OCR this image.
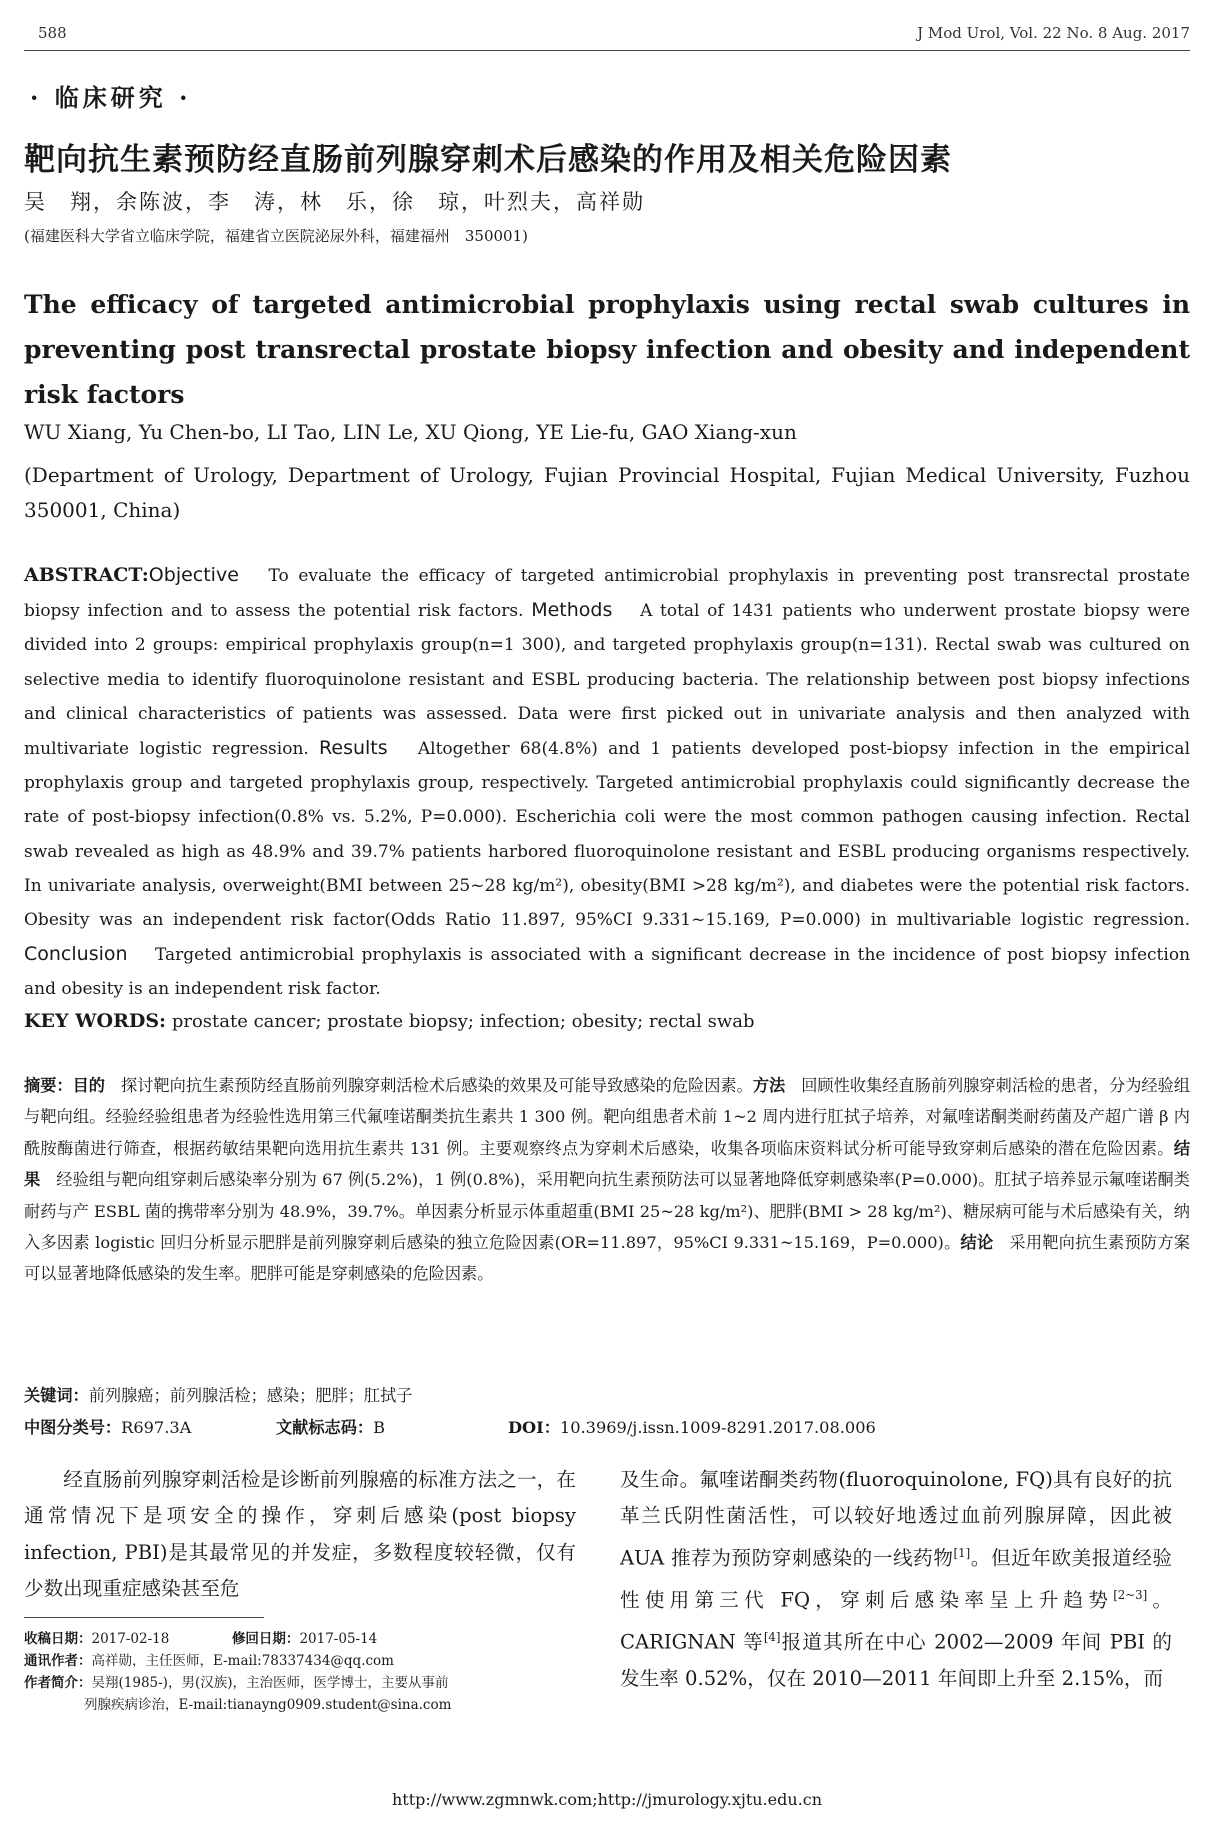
588	J Mod Urol, Vol. 22 No. 8 Aug. 2017
· 临床研究 ·
靶向抗生素预防经直肠前列腺穿刺术后感染的作用及相关危险因素
吴　翔，余陈波，李　涛，林　乐，徐　琼，叶烈夫，高祥勋
(福建医科大学省立临床学院，福建省立医院泌尿外科，福建福州　350001)
The efficacy of targeted antimicrobial prophylaxis using rectal swab cultures in preventing post transrectal prostate biopsy infection and obesity and independent risk factors
WU Xiang, Yu Chen-bo, LI Tao, LIN Le, XU Qiong, YE Lie-fu, GAO Xiang-xun
(Department of Urology, Department of Urology, Fujian Provincial Hospital, Fujian Medical University, Fuzhou 350001, China)
ABSTRACT:Objective To evaluate the efficacy of targeted antimicrobial prophylaxis in preventing post transrectal prostate biopsy infection and to assess the potential risk factors. Methods A total of 1431 patients who underwent prostate biopsy were divided into 2 groups: empirical prophylaxis group(n=1 300), and targeted prophylaxis group(n=131). Rectal swab was cultured on selective media to identify fluoroquinolone resistant and ESBL producing bacteria. The relationship between post biopsy infections and clinical characteristics of patients was assessed. Data were first picked out in univariate analysis and then analyzed with multivariate logistic regression. Results Altogether 68(4.8%) and 1 patients developed post-biopsy infection in the empirical prophylaxis group and targeted prophylaxis group, respectively. Targeted antimicrobial prophylaxis could significantly decrease the rate of post-biopsy infection(0.8% vs. 5.2%, P=0.000). Escherichia coli were the most common pathogen causing infection. Rectal swab revealed as high as 48.9% and 39.7% patients harbored fluoroquinolone resistant and ESBL producing organisms respectively. In univariate analysis, overweight(BMI between 25~28 kg/m²), obesity(BMI >28 kg/m²), and diabetes were the potential risk factors. Obesity was an independent risk factor(Odds Ratio 11.897, 95%CI 9.331~15.169, P=0.000) in multivariable logistic regression. Conclusion Targeted antimicrobial prophylaxis is associated with a significant decrease in the incidence of post biopsy infection and obesity is an independent risk factor.
KEY WORDS: prostate cancer; prostate biopsy; infection; obesity; rectal swab
摘要：目的 探讨靶向抗生素预防经直肠前列腺穿刺活检术后感染的效果及可能导致感染的危险因素。方法 回顾性收集经直肠前列腺穿刺活检的患者，分为经验组与靶向组。经验经验组患者为经验性选用第三代氟喹诺酮类抗生素共 1 300 例。靶向组患者术前 1~2 周内进行肛拭子培养，对氟喹诺酮类耐药菌及产超广谱 β 内酰胺酶菌进行筛查，根据药敏结果靶向选用抗生素共 131 例。主要观察终点为穿刺术后感染，收集各项临床资料试分析可能导致穿刺后感染的潜在危险因素。结果 经验组与靶向组穿刺后感染率分别为 67 例(5.2%)，1 例(0.8%)，采用靶向抗生素预防法可以显著地降低穿刺感染率(P=0.000)。肛拭子培养显示氟喹诺酮类耐药与产 ESBL 菌的携带率分别为 48.9%，39.7%。单因素分析显示体重超重(BMI 25~28 kg/m²)、肥胖(BMI > 28 kg/m²)、糖尿病可能与术后感染有关，纳入多因素 logistic 回归分析显示肥胖是前列腺穿刺后感染的独立危险因素(OR=11.897，95%CI 9.331~15.169，P=0.000)。结论 采用靶向抗生素预防方案可以显著地降低感染的发生率。肥胖可能是穿刺感染的危险因素。
关键词：前列腺癌；前列腺活检；感染；肥胖；肛拭子
中图分类号：R697.3A	文献标志码：B	DOI：10.3969/j.issn.1009-8291.2017.08.006

经直肠前列腺穿刺活检是诊断前列腺癌的标准方法之一，在通常情况下是项安全的操作，穿刺后感染(post biopsy infection, PBI)是其最常见的并发症，多数程度较轻微，仅有少数出现重症感染甚至危

及生命。氟喹诺酮类药物(fluoroquinolone, FQ)具有良好的抗革兰氏阴性菌活性，可以较好地透过血前列腺屏障，因此被 AUA 推荐为预防穿刺感染的一线药物[1]。但近年欧美报道经验性使用第三代 FQ，穿刺后感染率呈上升趋势[2~3]。CARIGNAN 等[4]报道其所在中心 2002—2009 年间 PBI 的发生率 0.52%，仅在 2010—2011 年间即上升至 2.15%，而

收稿日期：2017-02-18	修回日期：2017-05-14
通讯作者：高祥勋，主任医师，E-mail:78337434@qq.com
作者简介：吴翔(1985-)，男(汉族)，主治医师，医学博士，主要从事前
列腺疾病诊治，E-mail:tianayng0909.student@sina.com
http://www.zgmnwk.com;http://jmurology.xjtu.edu.cn
